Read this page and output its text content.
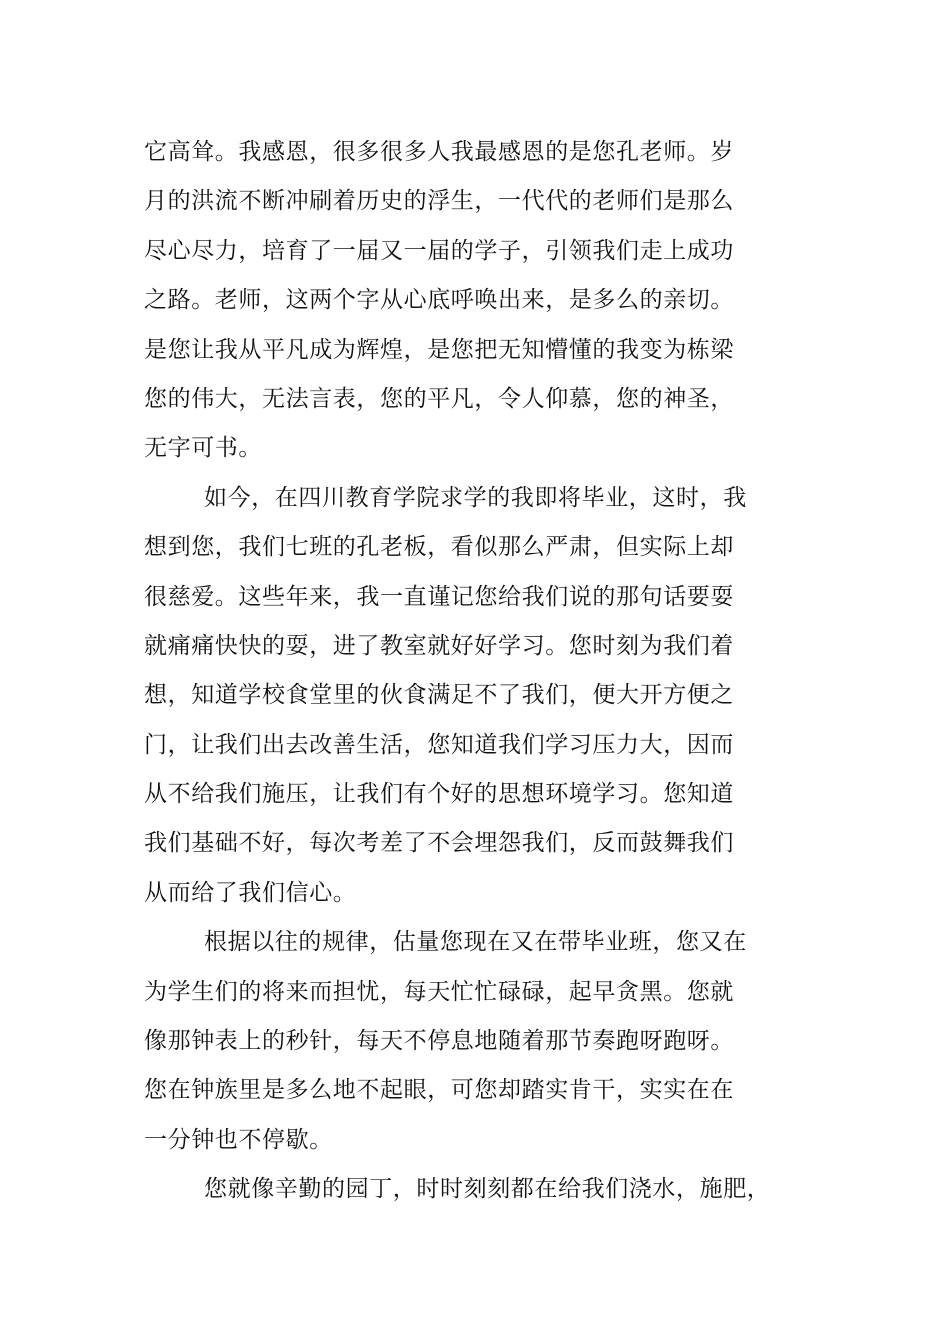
它高耸。我感恩，很多很多人我最感恩的是您孔老师。岁
月的洪流不断冲刷着历史的浮生，一代代的老师们是那么
尽心尽力，培育了一届又一届的学子，引领我们走上成功
之路。老师，这两个字从心底呼唤出来，是多么的亲切。
是您让我从平凡成为辉煌，是您把无知懵懂的我变为栋梁
您的伟大，无法言表，您的平凡，令人仰慕，您的神圣，
无字可书。
如今，在四川教育学院求学的我即将毕业，这时，我
想到您，我们七班的孔老板，看似那么严肃，但实际上却
很慈爱。这些年来，我一直谨记您给我们说的那句话要耍
就痛痛快快的耍，进了教室就好好学习。您时刻为我们着
想，知道学校食堂里的伙食满足不了我们，便大开方便之
门，让我们出去改善生活，您知道我们学习压力大，因而
从不给我们施压，让我们有个好的思想环境学习。您知道
我们基础不好，每次考差了不会埋怨我们，反而鼓舞我们
从而给了我们信心。
根据以往的规律，估量您现在又在带毕业班，您又在
为学生们的将来而担忧，每天忙忙碌碌，起早贪黑。您就
像那钟表上的秒针，每天不停息地随着那节奏跑呀跑呀。
您在钟族里是多么地不起眼，可您却踏实肯干，实实在在
一分钟也不停歇。
您就像辛勤的园丁，时时刻刻都在给我们浇水，施肥，
